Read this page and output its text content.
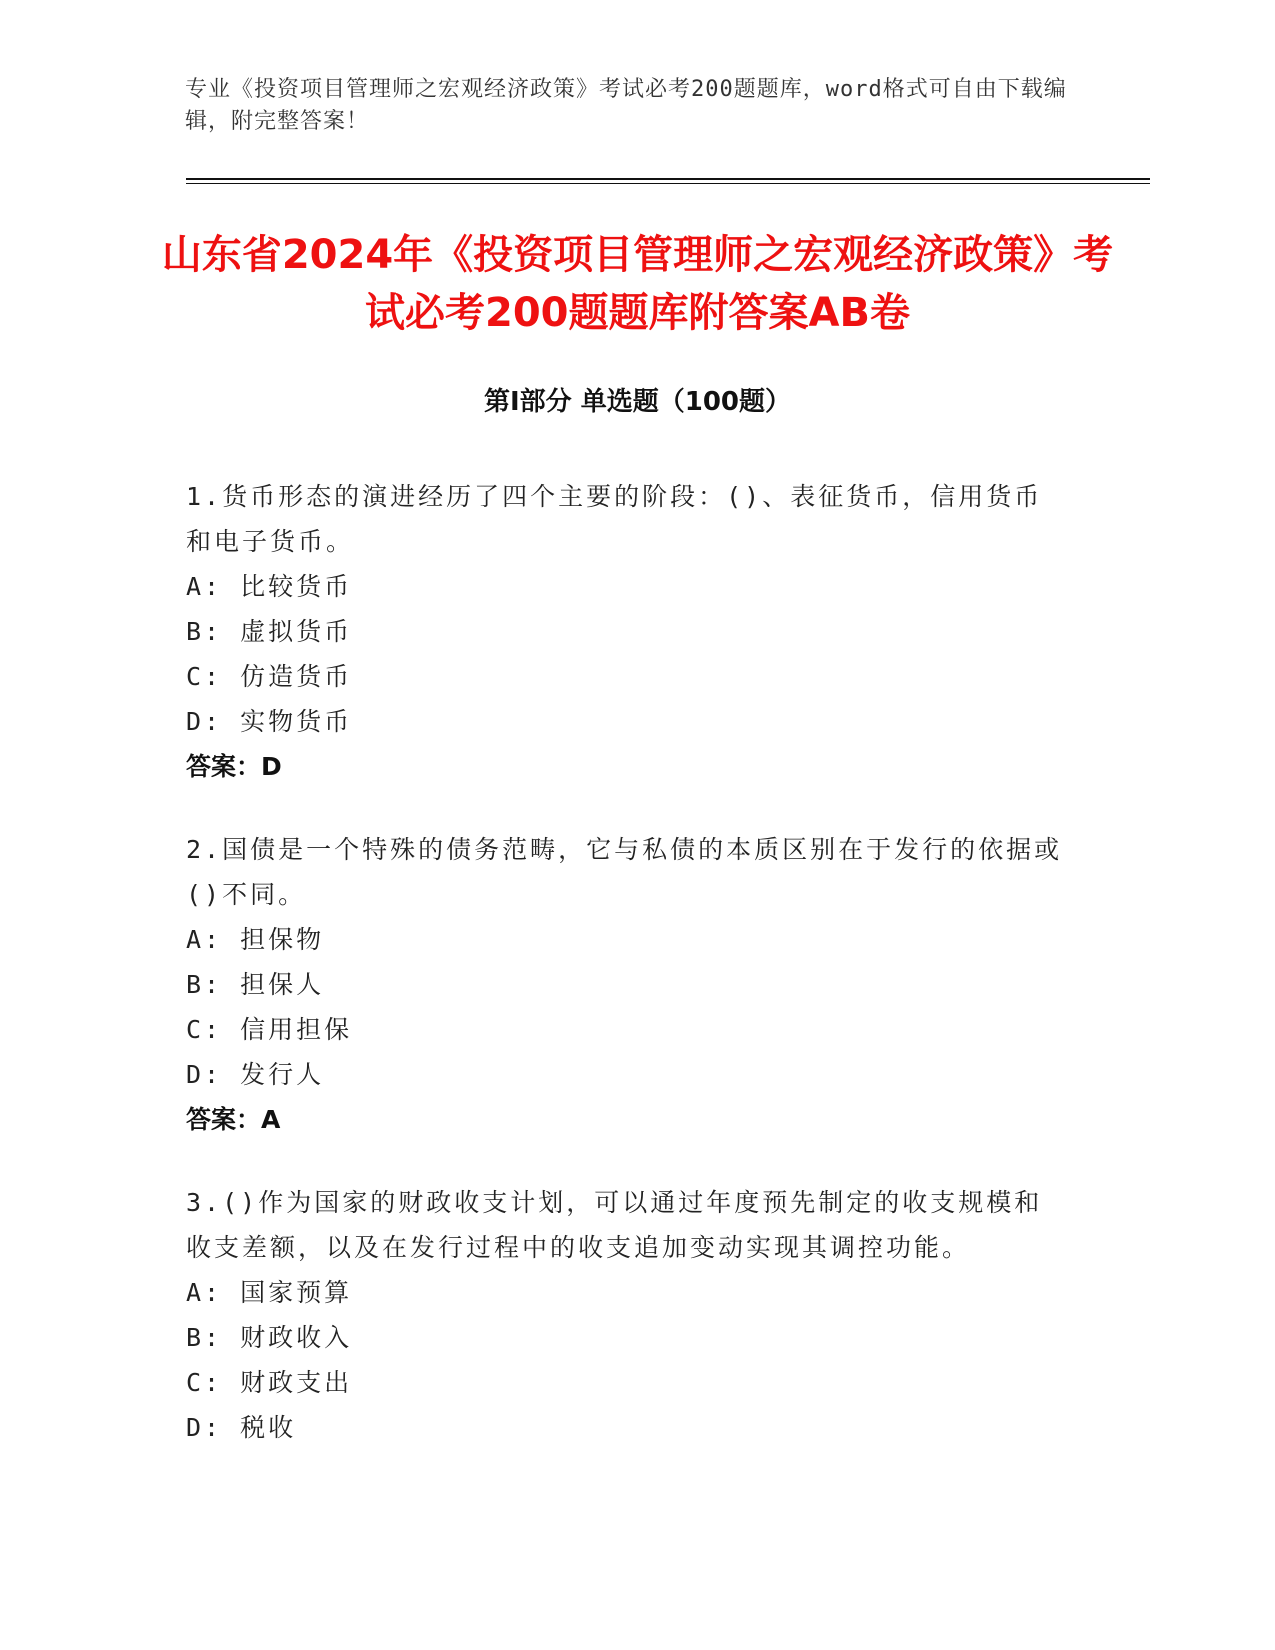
专业《投资项目管理师之宏观经济政策》考试必考200题题库，word格式可自由下载编辑，附完整答案！
山东省2024年《投资项目管理师之宏观经济政策》考试必考200题题库附答案AB卷
第Ⅰ部分 单选题（100题）
1.货币形态的演进经历了四个主要的阶段：()、表征货币，信用货币和电子货币。
A: 比较货币
B: 虚拟货币
C: 仿造货币
D: 实物货币
答案：D
2.国债是一个特殊的债务范畴，它与私债的本质区别在于发行的依据或()不同。
A: 担保物
B: 担保人
C: 信用担保
D: 发行人
答案：A
3.()作为国家的财政收支计划，可以通过年度预先制定的收支规模和收支差额，以及在发行过程中的收支追加变动实现其调控功能。
A: 国家预算
B: 财政收入
C: 财政支出
D: 税收
